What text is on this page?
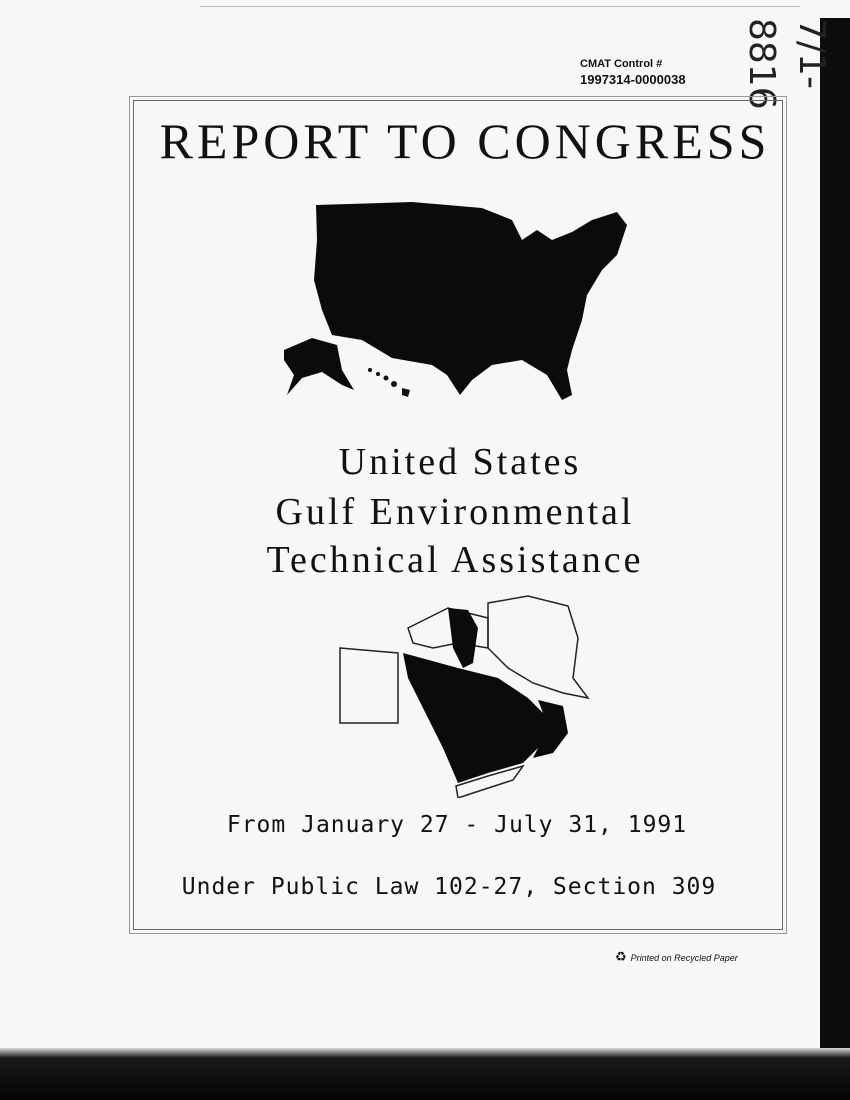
CMAT Control #
1997314-0000038	7/1-8816
REPORT TO CONGRESS
United States
Gulf Environmental
Technical Assistance
From January 27 - July 31, 1991
Under Public Law 102-27, Section 309
♻ Printed on Recycled Paper
